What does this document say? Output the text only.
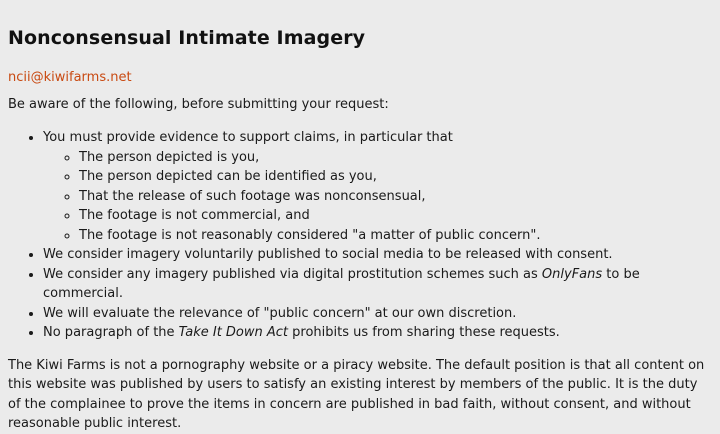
Nonconsensual Intimate Imagery
ncii@kiwifarms.net

Be aware of the following, before submitting your request:

• You must provide evidence to support claims, in particular that
◦ The person depicted is you,
◦ The person depicted can be identified as you,
◦ That the release of such footage was nonconsensual,
◦ The footage is not commercial, and
◦ The footage is not reasonably considered "a matter of public concern".
• We consider imagery voluntarily published to social media to be released with consent.
• We consider any imagery published via digital prostitution schemes such as OnlyFans to be commercial.
• We will evaluate the relevance of "public concern" at our own discretion.
• No paragraph of the Take It Down Act prohibits us from sharing these requests.

The Kiwi Farms is not a pornography website or a piracy website. The default position is that all content on this website was published by users to satisfy an existing interest by members of the public. It is the duty of the complainee to prove the items in concern are published in bad faith, without consent, and without reasonable public interest.
